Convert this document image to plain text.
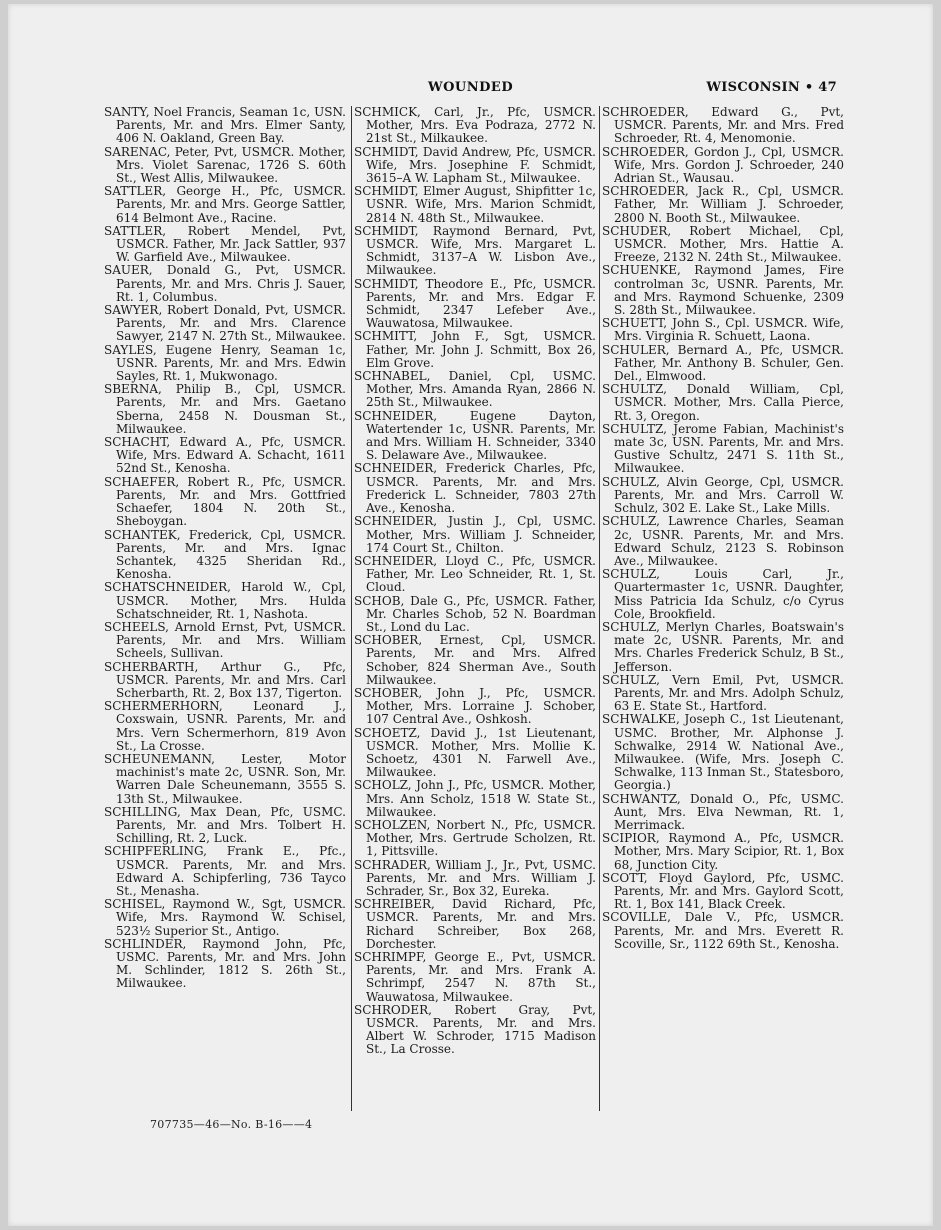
WOUNDED	WISCONSIN • 47
SANTY, Noel Francis, Seaman 1c, USN. Parents, Mr. and Mrs. Elmer Santy, 406 N. Oakland, Green Bay.
SARENAC, Peter, Pvt, USMCR. Mother, Mrs. Violet Sarenac, 1726 S. 60th St., West Allis, Milwaukee.
SATTLER, George H., Pfc, USMCR. Parents, Mr. and Mrs. George Sattler, 614 Belmont Ave., Racine.
SATTLER, Robert Mendel, Pvt, USMCR. Father, Mr. Jack Sattler, 937 W. Garfield Ave., Milwaukee.
SAUER, Donald G., Pvt, USMCR. Parents, Mr. and Mrs. Chris J. Sauer, Rt. 1, Columbus.
SAWYER, Robert Donald, Pvt, USMCR. Parents, Mr. and Mrs. Clarence Sawyer, 2147 N. 27th St., Milwaukee.
SAYLES, Eugene Henry, Seaman 1c, USNR. Parents, Mr. and Mrs. Edwin Sayles, Rt. 1, Mukwonago.
SBERNA, Philip B., Cpl, USMCR. Parents, Mr. and Mrs. Gaetano Sberna, 2458 N. Dousman St., Milwaukee.
SCHACHT, Edward A., Pfc, USMCR. Wife, Mrs. Edward A. Schacht, 1611 52nd St., Kenosha.
SCHAEFER, Robert R., Pfc, USMCR. Parents, Mr. and Mrs. Gottfried Schaefer, 1804 N. 20th St., Sheboygan.
SCHANTEK, Frederick, Cpl, USMCR. Parents, Mr. and Mrs. Ignac Schantek, 4325 Sheridan Rd., Kenosha.
SCHATSCHNEIDER, Harold W., Cpl, USMCR. Mother, Mrs. Hulda Schatschneider, Rt. 1, Nashota.
SCHEELS, Arnold Ernst, Pvt, USMCR. Parents, Mr. and Mrs. William Scheels, Sullivan.
SCHERBARTH, Arthur G., Pfc, USMCR. Parents, Mr. and Mrs. Carl Scherbarth, Rt. 2, Box 137, Tigerton.
SCHERMERHORN, Leonard J., Coxswain, USNR. Parents, Mr. and Mrs. Vern Schermerhorn, 819 Avon St., La Crosse.
SCHEUNEMANN, Lester, Motor machinist's mate 2c, USNR. Son, Mr. Warren Dale Scheunemann, 3555 S. 13th St., Milwaukee.
SCHILLING, Max Dean, Pfc, USMC. Parents, Mr. and Mrs. Tolbert H. Schilling, Rt. 2, Luck.
SCHIPFERLING, Frank E., Pfc., USMCR. Parents, Mr. and Mrs. Edward A. Schipferling, 736 Tayco St., Menasha.
SCHISEL, Raymond W., Sgt, USMCR. Wife, Mrs. Raymond W. Schisel, 523½ Superior St., Antigo.
SCHLINDER, Raymond John, Pfc, USMC. Parents, Mr. and Mrs. John M. Schlinder, 1812 S. 26th St., Milwaukee.
SCHMICK, Carl, Jr., Pfc, USMCR. Mother, Mrs. Eva Podraza, 2772 N. 21st St., Milkaukee.
SCHMIDT, David Andrew, Pfc, USMCR. Wife, Mrs. Josephine F. Schmidt, 3615–A W. Lapham St., Milwaukee.
SCHMIDT, Elmer August, Shipfitter 1c, USNR. Wife, Mrs. Marion Schmidt, 2814 N. 48th St., Milwaukee.
SCHMIDT, Raymond Bernard, Pvt, USMCR. Wife, Mrs. Margaret L. Schmidt, 3137–A W. Lisbon Ave., Milwaukee.
SCHMIDT, Theodore E., Pfc, USMCR. Parents, Mr. and Mrs. Edgar F. Schmidt, 2347 Lefeber Ave., Wauwatosa, Milwaukee.
SCHMITT, John F., Sgt, USMCR. Father, Mr. John J. Schmitt, Box 26, Elm Grove.
SCHNABEL, Daniel, Cpl, USMC. Mother, Mrs. Amanda Ryan, 2866 N. 25th St., Milwaukee.
SCHNEIDER, Eugene Dayton, Watertender 1c, USNR. Parents, Mr. and Mrs. William H. Schneider, 3340 S. Delaware Ave., Milwaukee.
SCHNEIDER, Frederick Charles, Pfc, USMCR. Parents, Mr. and Mrs. Frederick L. Schneider, 7803 27th Ave., Kenosha.
SCHNEIDER, Justin J., Cpl, USMC. Mother, Mrs. William J. Schneider, 174 Court St., Chilton.
SCHNEIDER, Lloyd C., Pfc, USMCR. Father, Mr. Leo Schneider, Rt. 1, St. Cloud.
SCHOB, Dale G., Pfc, USMCR. Father, Mr. Charles Schob, 52 N. Boardman St., Lond du Lac.
SCHOBER, Ernest, Cpl, USMCR. Parents, Mr. and Mrs. Alfred Schober, 824 Sherman Ave., South Milwaukee.
SCHOBER, John J., Pfc, USMCR. Mother, Mrs. Lorraine J. Schober, 107 Central Ave., Oshkosh.
SCHOETZ, David J., 1st Lieutenant, USMCR. Mother, Mrs. Mollie K. Schoetz, 4301 N. Farwell Ave., Milwaukee.
SCHOLZ, John J., Pfc, USMCR. Mother, Mrs. Ann Scholz, 1518 W. State St., Milwaukee.
SCHOLZEN, Norbert N., Pfc, USMCR. Mother, Mrs. Gertrude Scholzen, Rt. 1, Pittsville.
SCHRADER, William J., Jr., Pvt, USMC. Parents, Mr. and Mrs. William J. Schrader, Sr., Box 32, Eureka.
SCHREIBER, David Richard, Pfc, USMCR. Parents, Mr. and Mrs. Richard Schreiber, Box 268, Dorchester.
SCHRIMPF, George E., Pvt, USMCR. Parents, Mr. and Mrs. Frank A. Schrimpf, 2547 N. 87th St., Wauwatosa, Milwaukee.
SCHRODER, Robert Gray, Pvt, USMCR. Parents, Mr. and Mrs. Albert W. Schroder, 1715 Madison St., La Crosse.
SCHROEDER, Edward G., Pvt, USMCR. Parents, Mr. and Mrs. Fred Schroeder, Rt. 4, Menomonie.
SCHROEDER, Gordon J., Cpl, USMCR. Wife, Mrs. Gordon J. Schroeder, 240 Adrian St., Wausau.
SCHROEDER, Jack R., Cpl, USMCR. Father, Mr. William J. Schroeder, 2800 N. Booth St., Milwaukee.
SCHUDER, Robert Michael, Cpl, USMCR. Mother, Mrs. Hattie A. Freeze, 2132 N. 24th St., Milwaukee.
SCHUENKE, Raymond James, Fire controlman 3c, USNR. Parents, Mr. and Mrs. Raymond Schuenke, 2309 S. 28th St., Milwaukee.
SCHUETT, John S., Cpl. USMCR. Wife, Mrs. Virginia R. Schuett, Laona.
SCHULER, Bernard A., Pfc, USMCR. Father, Mr. Anthony B. Schuler, Gen. Del., Elmwood.
SCHULTZ, Donald William, Cpl, USMCR. Mother, Mrs. Calla Pierce, Rt. 3, Oregon.
SCHULTZ, Jerome Fabian, Machinist's mate 3c, USN. Parents, Mr. and Mrs. Gustive Schultz, 2471 S. 11th St., Milwaukee.
SCHULZ, Alvin George, Cpl, USMCR. Parents, Mr. and Mrs. Carroll W. Schulz, 302 E. Lake St., Lake Mills.
SCHULZ, Lawrence Charles, Seaman 2c, USNR. Parents, Mr. and Mrs. Edward Schulz, 2123 S. Robinson Ave., Milwaukee.
SCHULZ, Louis Carl, Jr., Quartermaster 1c, USNR. Daughter, Miss Patricia Ida Schulz, c/o Cyrus Cole, Brookfield.
SCHULZ, Merlyn Charles, Boatswain's mate 2c, USNR. Parents, Mr. and Mrs. Charles Frederick Schulz, B St., Jefferson.
SCHULZ, Vern Emil, Pvt, USMCR. Parents, Mr. and Mrs. Adolph Schulz, 63 E. State St., Hartford.
SCHWALKE, Joseph C., 1st Lieutenant, USMC. Brother, Mr. Alphonse J. Schwalke, 2914 W. National Ave., Milwaukee. (Wife, Mrs. Joseph C. Schwalke, 113 Inman St., Statesboro, Georgia.)
SCHWANTZ, Donald O., Pfc, USMC. Aunt, Mrs. Elva Newman, Rt. 1, Merrimack.
SCIPIOR, Raymond A., Pfc, USMCR. Mother, Mrs. Mary Scipior, Rt. 1, Box 68, Junction City.
SCOTT, Floyd Gaylord, Pfc, USMC. Parents, Mr. and Mrs. Gaylord Scott, Rt. 1, Box 141, Black Creek.
SCOVILLE, Dale V., Pfc, USMCR. Parents, Mr. and Mrs. Everett R. Scoville, Sr., 1122 69th St., Kenosha.
707735—46—No. B-16——4
